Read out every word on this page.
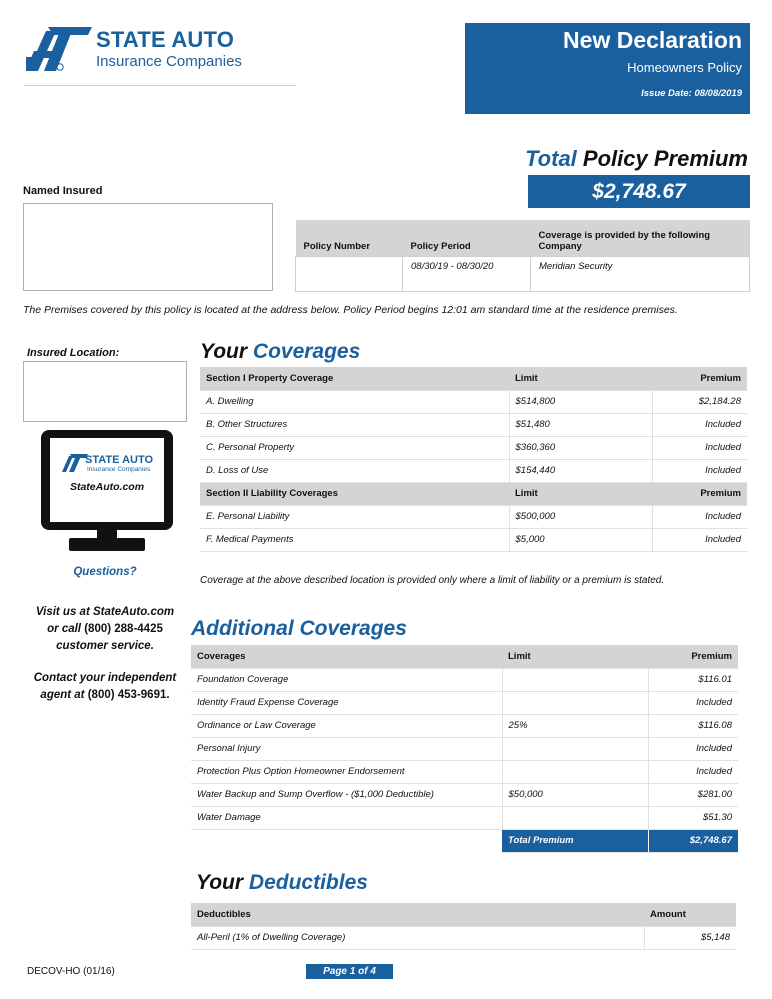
STATE AUTO
Insurance Companies
New Declaration
Homeowners Policy
Issue Date: 08/08/2019
Total Policy Premium
$2,748.67
Named Insured
Policy Number	Policy Period	Coverage is provided by the following Company
	08/30/19 - 08/30/20	Meridian Security
The Premises covered by this policy is located at the address below. Policy Period begins 12:01 am standard time at the residence premises.
Insured Location:
STATE AUTO
Insurance Companies
StateAuto.com
Questions?
Visit us at StateAuto.com
or call (800) 288-4425
customer service.
Contact your independent
agent at (800) 453-9691.
Your Coverages
Section I Property Coverage	Limit	Premium
A. Dwelling	$514,800	$2,184.28
B. Other Structures	$51,480	Included
C. Personal Property	$360,360	Included
D. Loss of Use	$154,440	Included
Section II Liability Coverages	Limit	Premium
E. Personal Liability	$500,000	Included
F. Medical Payments	$5,000	Included
Coverage at the above described location is provided only where a limit of liability or a premium is stated.
Additional Coverages
Coverages	Limit	Premium
Foundation Coverage		$116.01
Identity Fraud Expense Coverage		Included
Ordinance or Law Coverage	25%	$116.08
Personal Injury		Included
Protection Plus Option Homeowner Endorsement		Included
Water Backup and Sump Overflow - ($1,000 Deductible)	$50,000	$281.00
Water Damage		$51.30
	Total Premium	$2,748.67
Your Deductibles
Deductibles	Amount
All-Peril (1% of Dwelling Coverage)	$5,148
DECOV-HO (01/16)	Page 1 of 4
